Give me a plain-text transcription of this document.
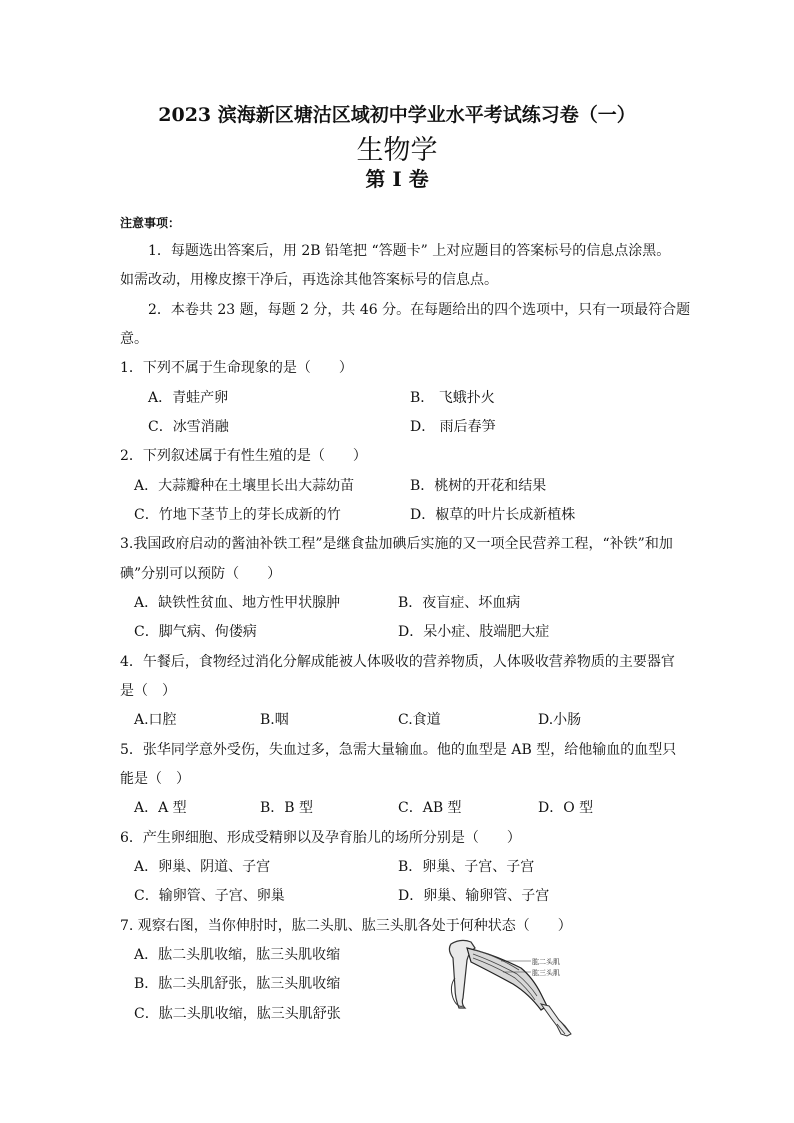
2023 滨海新区塘沽区域初中学业水平考试练习卷（一）
生物学
第 I 卷
注意事项：
1．每题选出答案后，用 2B 铅笔把 “答题卡” 上对应题目的答案标号的信息点涂黑。
如需改动，用橡皮擦干净后，再选涂其他答案标号的信息点。
2．本卷共 23 题，每题 2 分，共 46 分。在每题给出的四个选项中，只有一项最符合题
意。
1．下列不属于生命现象的是（　　）
A．青蛙产卵	B． 飞蛾扑火
C．冰雪消融	D． 雨后春笋
2．下列叙述属于有性生殖的是（　　）
A．大蒜瓣种在土壤里长出大蒜幼苗	B．桃树的开花和结果
C．竹地下茎节上的芽长成新的竹	D．椒草的叶片长成新植株
3.我国政府启动的酱油补铁工程”是继食盐加碘后实施的又一项全民营养工程，“补铁”和加
碘”分别可以预防（　　）
A．缺铁性贫血、地方性甲状腺肿	B．夜盲症、坏血病
C．脚气病、佝偻病	D．呆小症、肢端肥大症
4．午餐后，食物经过消化分解成能被人体吸收的营养物质，人体吸收营养物质的主要器官
是（　）
A.口腔	B.咽	C.食道	D.小肠
5．张华同学意外受伤，失血过多，急需大量输血。他的血型是 AB 型，给他输血的血型只
能是（　）
A．A 型	B．B 型	C．AB 型	D．O 型
6．产生卵细胞、形成受精卵以及孕育胎儿的场所分别是（　　）
A．卵巢、阴道、子宫	B．卵巢、子宫、子宫
C．输卵管、子宫、卵巢	D．卵巢、输卵管、子宫
7. 观察右图，当你伸肘时，肱二头肌、肱三头肌各处于何种状态（　　）
A．肱二头肌收缩，肱三头肌收缩
B．肱二头肌舒张，肱三头肌收缩
C．肱二头肌收缩，肱三头肌舒张
肱二头肌
肱三头肌
